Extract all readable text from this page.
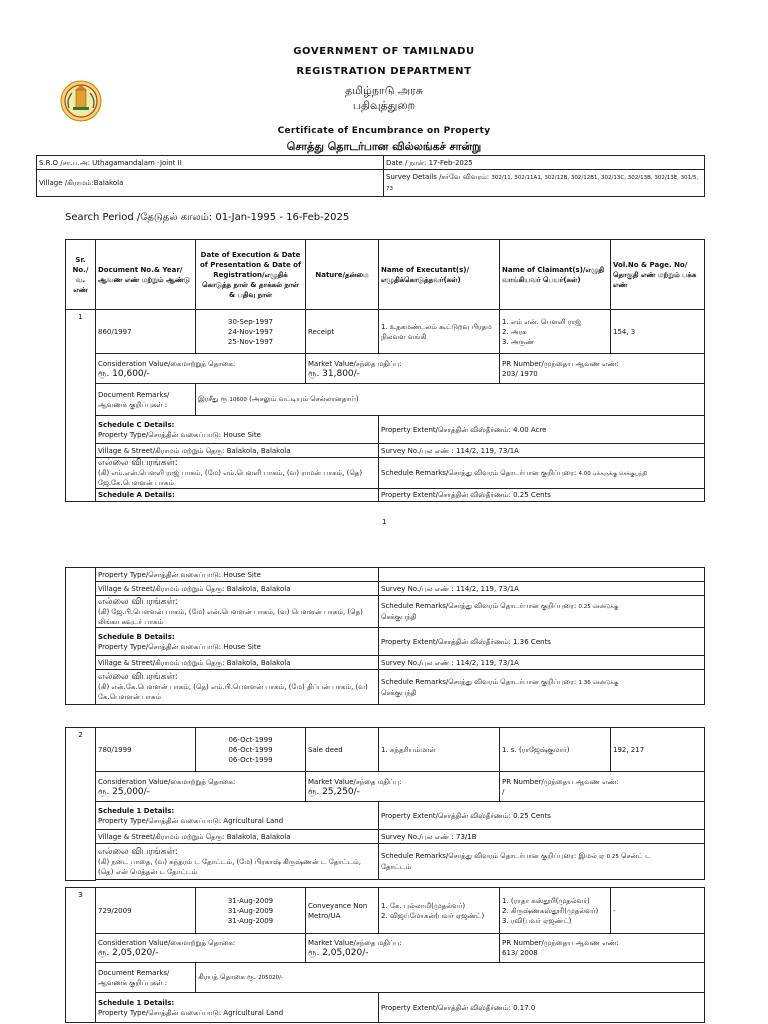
GOVERNMENT OF TAMILNADU
REGISTRATION DEPARTMENT
தமிழ்நாடு அரசு
பதிவுத்துறை
Certificate of Encumbrance on Property
சொத்து தொடர்பான வில்லங்கச் சான்று
S.R.O /சா.ப.அ: Uthagamandalam -Joint II	Date / நாள்: 17-Feb-2025
Village /கிராமம்:Balakola	Survey Details /சர்வே விவரம்: 302/11, 302/11A1, 302/12B, 302/12B1, 302/13C, 302/13B, 302/13E, 301/5, 73
Search Period /தேடுதல் காலம்: 01-Jan-1995 - 16-Feb-2025
Sr. No./வ. எண்	Document No.& Year/ ஆவண எண் மற்றும் ஆண்டு	Date of Execution & Date of Presentation & Date of Registration/எழுதிக் கொடுத்த நாள் & தாக்கல் நாள் & பதிவு நாள்	Nature/தன்மை	Name of Executant(s)/ எழுதிக்கொடுத்தவர்(கள்)	Name of Claimant(s)/எழுதி வாங்கியவர் பெயர்(கள்)	Vol.No & Page. No/ தொகுதி எண் மற்றும் பக்க எண்
1	860/1997	30-Sep-1997
24-Nov-1997
25-Nov-1997	Receipt	1. உதகமண்டலம் கூட்டுறவு பிரதம நிலவள வங்கி	1. எம் என். பெளளி ராஜ்
2. அரசு
3. அருண்	154, 3

	Consideration Value/கைமாற்றுத் தொகை:
ரூ. 10,600/-		Market Value/சந்தை மதிப்பு:
ரூ. 31,800/-		PR Number/முந்தைய ஆவண எண்:
203/ 1970	

	Document Remarks/ ஆவணக் குறிப்புகள் :	இரசீது ரூ 10600 (அசலும் வட்டியும் செல்லானதாய்)				

	Schedule C Details:
Property Type/சொத்தின் வகைப்பாடு: House Site			Property Extent/சொத்தின் விஸ்தீர்ணம்: 4.00 Acre		
	Village & Street/கிராமம் மற்றும் தெரு: Balakola, Balakola			Survey No./புல எண் : 114/2, 119, 73/1A		

	எல்லை விபரங்கள்:
(கி) எம்.என்.பெளளி ராஜ் பாகம், (மே) எம்.பெளளி பாகம், (வ) ராமன் பாகம், (தெ) ஜே.கே.பெளளன் பாகம்			Schedule Remarks/சொத்து விவரம் தொடர்பான குறிப்புரை: 4.00 ஏக்கருக்கு செக்குபந்தி		
	Schedule A Details:			Property Extent/சொத்தின் விஸ்தீர்ணம்: 0.25 Cents		
1
	Property Type/சொத்தின் வகைப்பாடு: House Site	
Village & Street/கிராமம் மற்றும் தெரு: Balakola, Balakola	Survey No./புல எண் : 114/2, 119, 73/1A

எல்லை விபரங்கள்:
(கி) ஜே.பி.பெளளன் பாகம், (மே) என்.பெளளன் பாகம், (வ) பெளளன் பாகம், (தெ) லிங்கா கவுடர் பாகம்	Schedule Remarks/சொத்து விவரம் தொடர்பான குறிப்புரை: 0.25 சென்டுக்கு
செக்குபந்தி

Schedule B Details:
Property Type/சொத்தின் வகைப்பாடு: House Site	Property Extent/சொத்தின் விஸ்தீர்ணம்: 1.36 Cents
Village & Street/கிராமம் மற்றும் தெரு: Balakola, Balakola	Survey No./புல எண் : 114/2, 119, 73/1A

எல்லை விபரங்கள்:
(கி) என்.கே.பெளளன் பாகம், (தெ) எம்.பி.பெளளன் பாகம், (மே) திப்பன் பாகம், (வ) கே.பெளளன் பாகம்	Schedule Remarks/சொத்து விவரம் தொடர்பான குறிப்புரை: 1.36 சென்டுக்கு
செக்குபந்தி
2	780/1999	06-Oct-1999
06-Oct-1999
06-Oct-1999	Sale deed	1. சுந்தரியம்மாள்	1. s. (ராஜேஷ்குமார்)	192, 217

	Consideration Value/கைமாற்றுத் தொகை:
ரூ. 25,000/-		Market Value/சந்தை மதிப்பு:
ரூ. 25,250/-		PR Number/முந்தைய ஆவண எண்:
/	

	Schedule 1 Details:
Property Type/சொத்தின் வகைப்பாடு: Agricultural Land			Property Extent/சொத்தின் விஸ்தீர்ணம்: 0.25 Cents		
	Village & Street/கிராமம் மற்றும் தெரு: Balakola, Balakola			Survey No./புல எண் : 73/1B		

	எல்லை விபரங்கள்:
(கி) நடை பாதை, (வ) சுந்தரம் ட தோட்டம், (மே) பிரகாஷ் கிருஷ்ணன் ட தோட்டம், (தெ) என் மெத்தன் ட தோட்டம்			Schedule Remarks/சொத்து விவரம் தொடர்பான குறிப்புரை: இமல் ஏ 0.25 சென்ட் ட
தோட்டம்		

3	729/2009	31-Aug-2009
31-Aug-2009
31-Aug-2009	Conveyance Non Metro/UA	1. கே. புல்லாமி(முதல்வர்)
2. விஜய்மோகன்(பவர் ஏஜண்ட்)	1. (ராதா கஸ்தூரி(முதல்வர்)
2. கிருஷ்ணகஸ்தூரி(முதல்வர்)
3. ரவி(பவர் ஏஜண்ட்)	-

	Consideration Value/கைமாற்றுத் தொகை:
ரூ. 2,05,020/-		Market Value/சந்தை மதிப்பு:
ரூ. 2,05,020/-		PR Number/முந்தைய ஆவண எண்:
613/ 2008	

	Document Remarks/ ஆவணக் குறிப்புகள் :	கிரயத் தொகை ரூ. 205020/-				

	Schedule 1 Details:
Property Type/சொத்தின் வகைப்பாடு: Agricultural Land			Property Extent/சொத்தின் விஸ்தீர்ணம்: 0.17.0		
